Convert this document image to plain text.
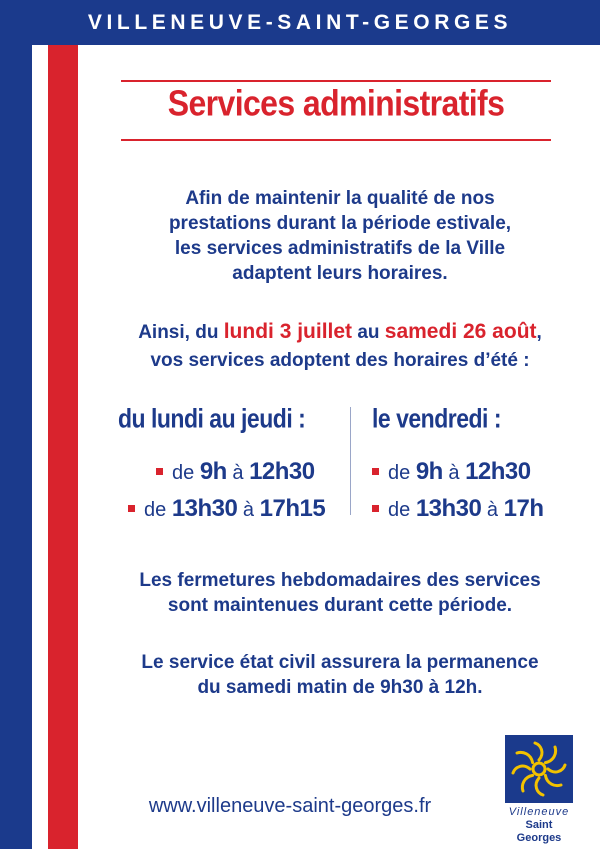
VILLENEUVE-SAINT-GEORGES
Services administratifs
Afin de maintenir la qualité de nos
prestations durant la période estivale,
les services administratifs de la Ville
adaptent leurs horaires.
Ainsi, du lundi 3 juillet au samedi 26 août,
vos services adoptent des horaires d’été :
du lundi au jeudi :	le vendredi :
de 9h à 12h30
de 13h30 à 17h15
de 9h à 12h30
de 13h30 à 17h
Les fermetures hebdomadaires des services
sont maintenues durant cette période.
Le service état civil assurera la permanence
du samedi matin de 9h30 à 12h.
www.villeneuve-saint-georges.fr	Villeneuve
Saint Georges
